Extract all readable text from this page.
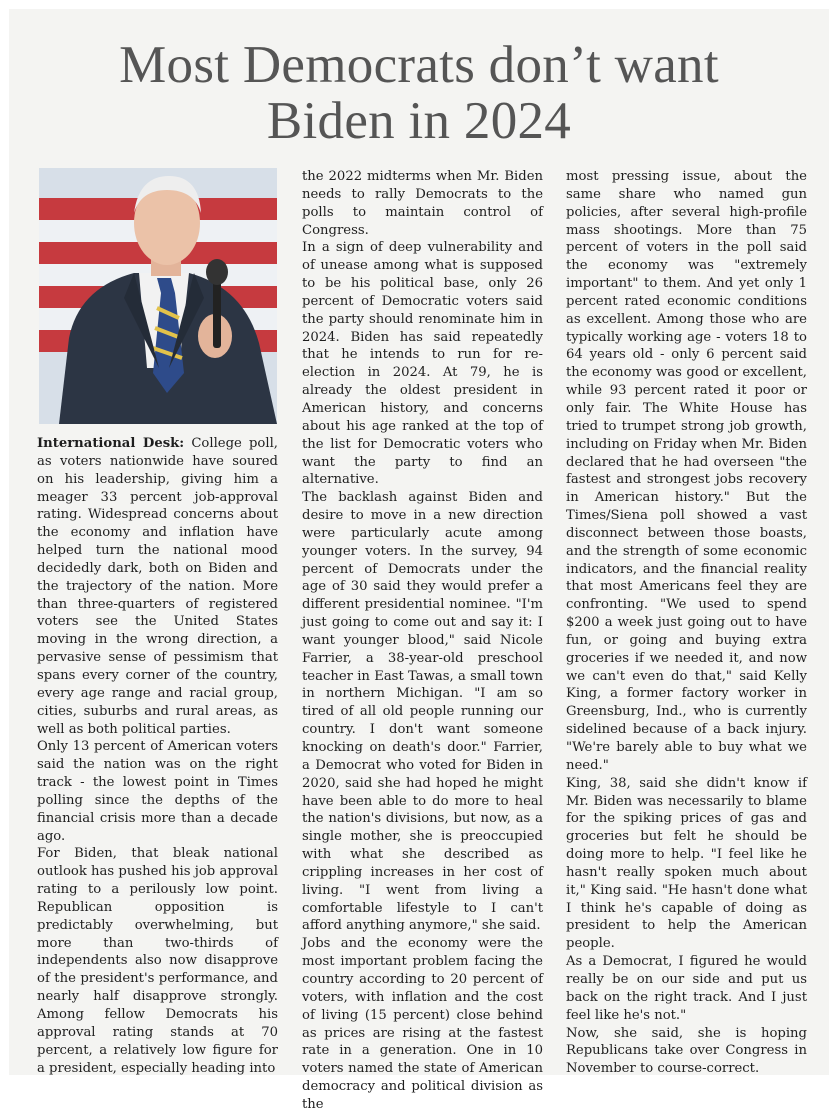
Most Democrats don’t want
Biden in 2024

International Desk: College poll, as voters nationwide have soured on his leadership, giving him a meager 33 percent job-approval rating. Widespread concerns about the economy and inflation have helped turn the national mood decidedly dark, both on Biden and the trajectory of the nation. More than three-quarters of registered voters see the United States moving in the wrong direction, a pervasive sense of pessimism that spans every corner of the country, every age range and racial group, cities, suburbs and rural areas, as well as both political parties.

Only 13 percent of American voters said the nation was on the right track - the lowest point in Times polling since the depths of the financial crisis more than a decade ago.

For Biden, that bleak national outlook has pushed his job approval rating to a perilously low point. Republican opposition is predictably overwhelming, but more than two-thirds of independents also now disapprove of the president's performance, and nearly half disapprove strongly. Among fellow Democrats his approval rating stands at 70 percent, a relatively low figure for a president, especially heading into

the 2022 midterms when Mr. Biden needs to rally Democrats to the polls to maintain control of Congress.

In a sign of deep vulnerability and of unease among what is supposed to be his political base, only 26 percent of Democratic voters said the party should renominate him in 2024. Biden has said repeatedly that he intends to run for re-election in 2024. At 79, he is already the oldest president in American history, and concerns about his age ranked at the top of the list for Democratic voters who want the party to find an alternative.

The backlash against Biden and desire to move in a new direction were particularly acute among younger voters. In the survey, 94 percent of Democrats under the age of 30 said they would prefer a different presidential nominee. "I'm just going to come out and say it: I want younger blood," said Nicole Farrier, a 38-year-old preschool teacher in East Tawas, a small town in northern Michigan. "I am so tired of all old people running our country. I don't want someone knocking on death's door." Farrier, a Democrat who voted for Biden in 2020, said she had hoped he might have been able to do more to heal the nation's divisions, but now, as a single mother, she is preoccupied with what she described as crippling increases in her cost of living. "I went from living a comfortable lifestyle to I can't afford anything anymore," she said.

Jobs and the economy were the most important problem facing the country according to 20 percent of voters, with inflation and the cost of living (15 percent) close behind as prices are rising at the fastest rate in a generation. One in 10 voters named the state of American democracy and political division as the

most pressing issue, about the same share who named gun policies, after several high-profile mass shootings. More than 75 percent of voters in the poll said the economy was "extremely important" to them. And yet only 1 percent rated economic conditions as excellent. Among those who are typically working age - voters 18 to 64 years old - only 6 percent said the economy was good or excellent, while 93 percent rated it poor or only fair. The White House has tried to trumpet strong job growth, including on Friday when Mr. Biden declared that he had overseen "the fastest and strongest jobs recovery in American history." But the Times/Siena poll showed a vast disconnect between those boasts, and the strength of some economic indicators, and the financial reality that most Americans feel they are confronting. "We used to spend $200 a week just going out to have fun, or going and buying extra groceries if we needed it, and now we can't even do that," said Kelly King, a former factory worker in Greensburg, Ind., who is currently sidelined because of a back injury. "We're barely able to buy what we need."

King, 38, said she didn't know if Mr. Biden was necessarily to blame for the spiking prices of gas and groceries but felt he should be doing more to help. "I feel like he hasn't really spoken much about it," King said. "He hasn't done what I think he's capable of doing as president to help the American people.

As a Democrat, I figured he would really be on our side and put us back on the right track. And I just feel like he's not."

Now, she said, she is hoping Republicans take over Congress in November to course-correct.
